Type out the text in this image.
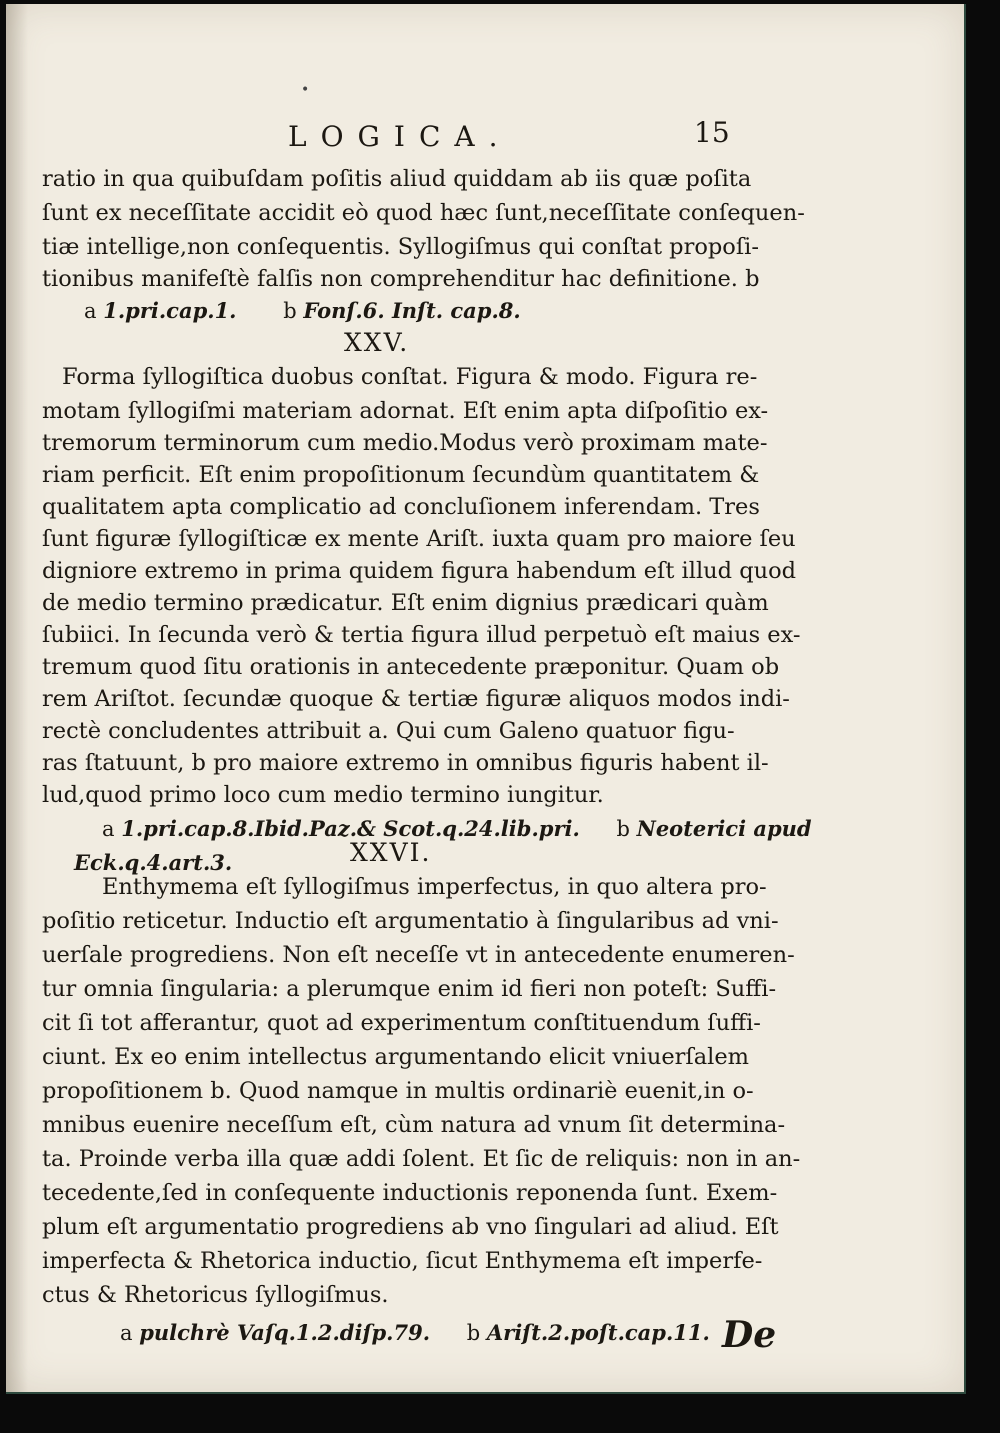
•
LOGICA.	15
ratio in qua quibuſdam poſitis aliud quiddam ab iis quæ poſita
ſunt ex neceſſitate accidit eò quod hæc ſunt,neceſſitate conſequen-
tiæ intellige,non conſequentis. Syllogiſmus qui conſtat propoſi-
tionibus manifeſtè falſis non comprehenditur hac definitione. b
a 1.pri.cap.1. b Fonſ.6. Inſt. cap.8.
XXV.
Forma ſyllogiſtica duobus conſtat. Figura & modo. Figura re-
motam ſyllogiſmi materiam adornat. Eſt enim apta diſpoſitio ex-
tremorum terminorum cum medio.Modus verò proximam mate-
riam perficit. Eſt enim propoſitionum ſecundùm quantitatem &
qualitatem apta complicatio ad concluſionem inferendam. Tres
ſunt figuræ ſyllogiſticæ ex mente Ariſt. iuxta quam pro maiore ſeu
digniore extremo in prima quidem figura habendum eſt illud quod
de medio termino prædicatur. Eſt enim dignius prædicari quàm
ſubiici. In ſecunda verò & tertia figura illud perpetuò eſt maius ex-
tremum quod ſitu orationis in antecedente præponitur. Quam ob
rem Ariſtot. ſecundæ quoque & tertiæ figuræ aliquos modos indi-
rectè concludentes attribuit a. Qui cum Galeno quatuor figu-
ras ſtatuunt, b pro maiore extremo in omnibus figuris habent il-
lud,quod primo loco cum medio termino iungitur.
a 1.pri.cap.8.Ibid.Paz.& Scot.q.24.lib.pri. b Neoterici apud
Eck.q.4.art.3.	XXVI.
Enthymema eſt ſyllogiſmus imperfectus, in quo altera pro-
poſitio reticetur. Inductio eſt argumentatio à ſingularibus ad vni-
uerſale progrediens. Non eſt neceſſe vt in antecedente enumeren-
tur omnia ſingularia: a plerumque enim id fieri non poteſt: Suffi-
cit ſi tot afferantur, quot ad experimentum conſtituendum ſuffi-
ciunt. Ex eo enim intellectus argumentando elicit vniuerſalem
propoſitionem b. Quod namque in multis ordinariè euenit,in o-
mnibus euenire neceſſum eſt, cùm natura ad vnum ſit determina-
ta. Proinde verba illa quæ addi ſolent. Et ſic de reliquis: non in an-
tecedente,ſed in conſequente inductionis reponenda ſunt. Exem-
plum eſt argumentatio progrediens ab vno ſingulari ad aliud. Eſt
imperfecta & Rhetorica inductio, ſicut Enthymema eſt imperfe-
ctus & Rhetoricus ſyllogiſmus.
a pulchrè Vaſq.1.2.diſp.79. b Ariſt.2.poſt.cap.11. De
